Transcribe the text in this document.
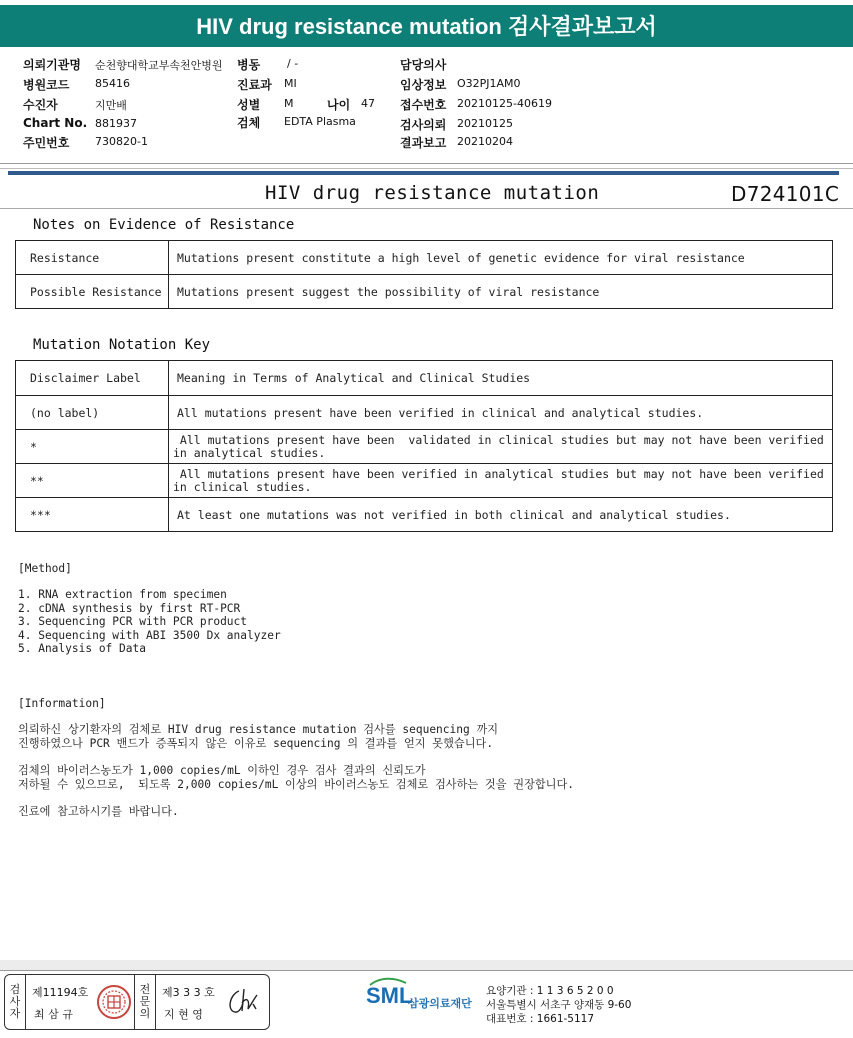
HIV drug resistance mutation 검사결과보고서
의뢰기관명 순천향대학교부속천안병원 병동 / -	담당의사
병원코드 85416	진료과 MI	임상정보 O32PJ1AM0
수진자	지만배	성별 M	나이 47 접수번호 20210125-40619
Chart No. 881937	검체 EDTA Plasma	검사의뢰 20210125
주민번호 730820-1	결과보고 20210204
HIV drug resistance mutation	D724101C
Notes on Evidence of Resistance
Resistance	Mutations present constitute a high level of genetic evidence for viral resistance
Possible Resistance	Mutations present suggest the possibility of viral resistance
Mutation Notation Key
Disclaimer Label	Meaning in Terms of Analytical and Clinical Studies
(no label)	All mutations present have been verified in clinical and analytical studies.
*	All mutations present have been  validated in clinical studies but may not have been verified
in analytical studies.

**	All mutations present have been verified in analytical studies but may not have been verified
in clinical studies.

***	At least one mutations was not verified in both clinical and analytical studies.
[Method]
1. RNA extraction from specimen
2. cDNA synthesis by first RT-PCR
3. Sequencing PCR with PCR product
4. Sequencing with ABI 3500 Dx analyzer
5. Analysis of Data
[Information]
의뢰하신 상기환자의 검체로 HIV drug resistance mutation 검사를 sequencing 까지
진행하였으나 PCR 밴드가 증폭되지 않은 이유로 sequencing 의 결과를 얻지 못했습니다.
검체의 바이러스농도가 1,000 copies/mL 이하인 경우 검사 결과의 신뢰도가
저하될 수 있으므로,  되도록 2,000 copies/mL 이상의 바이러스농도 검체로 검사하는 것을 권장합니다.
진료에 참고하시기를 바랍니다.
검사자
제11194호
최 삼 규
전문의
제3 3 3 호
지 현 영
SML
삼광의료재단
요양기관 : 1 1 3 6 5 2 0 0
서울특별시 서초구 양재동 9-60
대표번호 : 1661-5117
